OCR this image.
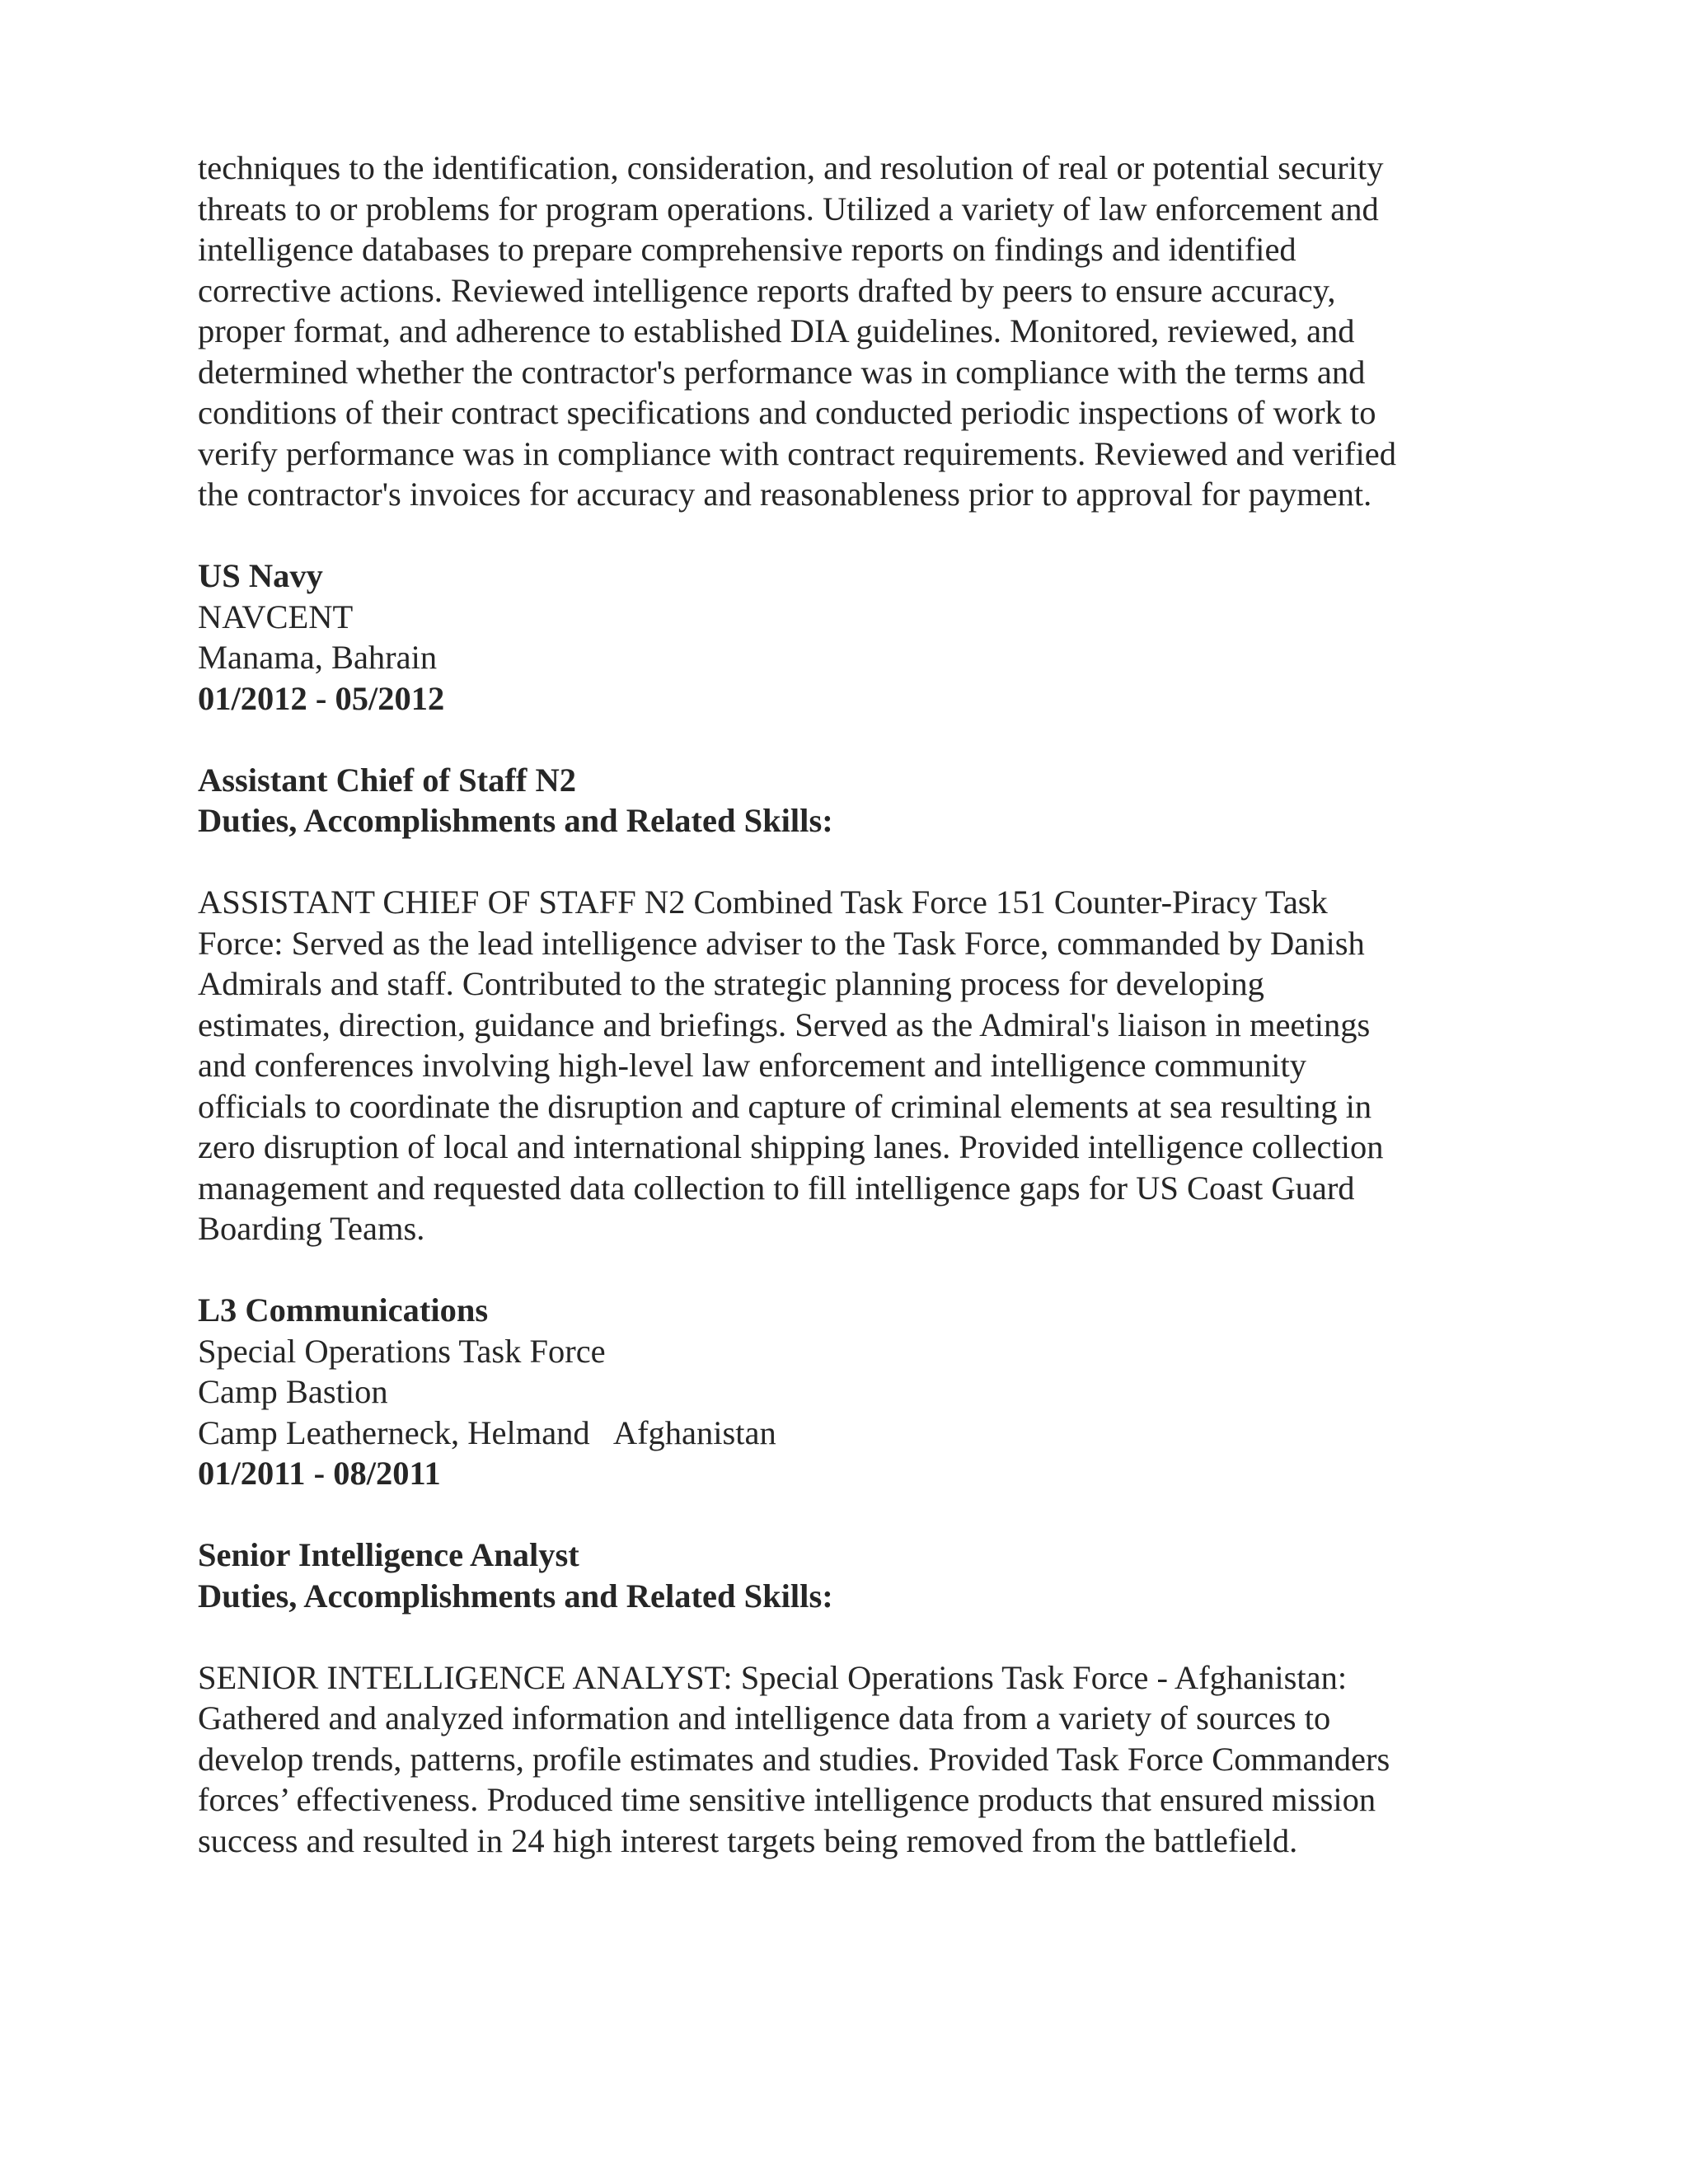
techniques to the identification, consideration, and resolution of real or potential security
threats to or problems for program operations. Utilized a variety of law enforcement and
intelligence databases to prepare comprehensive reports on findings and identified
corrective actions. Reviewed intelligence reports drafted by peers to ensure accuracy,
proper format, and adherence to established DIA guidelines. Monitored, reviewed, and
determined whether the contractor's performance was in compliance with the terms and
conditions of their contract specifications and conducted periodic inspections of work to
verify performance was in compliance with contract requirements. Reviewed and verified
the contractor's invoices for accuracy and reasonableness prior to approval for payment.
US Navy
NAVCENT
Manama, Bahrain
01/2012 - 05/2012
Assistant Chief of Staff N2
Duties, Accomplishments and Related Skills:
ASSISTANT CHIEF OF STAFF N2 Combined Task Force 151 Counter-Piracy Task
Force: Served as the lead intelligence adviser to the Task Force, commanded by Danish
Admirals and staff. Contributed to the strategic planning process for developing
estimates, direction, guidance and briefings. Served as the Admiral's liaison in meetings
and conferences involving high-level law enforcement and intelligence community
officials to coordinate the disruption and capture of criminal elements at sea resulting in
zero disruption of local and international shipping lanes. Provided intelligence collection
management and requested data collection to fill intelligence gaps for US Coast Guard
Boarding Teams.
L3 Communications
Special Operations Task Force
Camp Bastion
Camp Leatherneck, Helmand   Afghanistan
01/2011 - 08/2011
Senior Intelligence Analyst
Duties, Accomplishments and Related Skills:
SENIOR INTELLIGENCE ANALYST: Special Operations Task Force - Afghanistan:
Gathered and analyzed information and intelligence data from a variety of sources to
develop trends, patterns, profile estimates and studies. Provided Task Force Commanders
forces’ effectiveness. Produced time sensitive intelligence products that ensured mission
success and resulted in 24 high interest targets being removed from the battlefield.
